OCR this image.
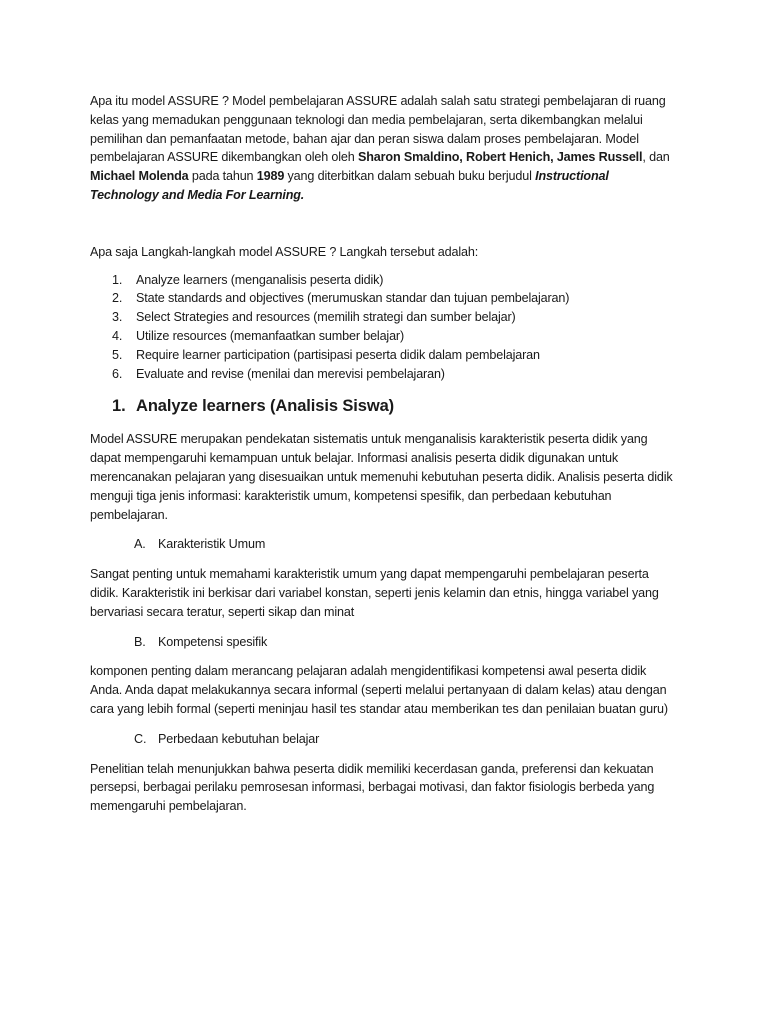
Apa itu model ASSURE ? Model pembelajaran ASSURE adalah salah satu strategi pembelajaran di ruang kelas yang memadukan penggunaan teknologi dan media pembelajaran, serta dikembangkan melalui pemilihan dan pemanfaatan metode, bahan ajar dan peran siswa dalam proses pembelajaran. Model pembelajaran ASSURE dikembangkan oleh oleh Sharon Smaldino, Robert Henich, James Russell, dan Michael Molenda pada tahun 1989 yang diterbitkan dalam sebuah buku berjudul Instructional Technology and Media For Learning.

Apa saja Langkah-langkah model ASSURE ? Langkah tersebut adalah:

1. Analyze learners (menganalisis peserta didik)
2. State standards and objectives (merumuskan standar dan tujuan pembelajaran)
3. Select Strategies and resources (memilih strategi dan sumber belajar)
4. Utilize resources (memanfaatkan sumber belajar)
5. Require learner participation (partisipasi peserta didik dalam pembelajaran
6. Evaluate and revise (menilai dan merevisi pembelajaran)
1. Analyze learners (Analisis Siswa)

Model ASSURE merupakan pendekatan sistematis untuk menganalisis karakteristik peserta didik yang dapat mempengaruhi kemampuan untuk belajar. Informasi analisis peserta didik digunakan untuk merencanakan pelajaran yang disesuaikan untuk memenuhi kebutuhan peserta didik. Analisis peserta didik menguji tiga jenis informasi: karakteristik umum, kompetensi spesifik, dan perbedaan kebutuhan pembelajaran.

A. Karakteristik Umum

Sangat penting untuk memahami karakteristik umum yang dapat mempengaruhi pembelajaran peserta didik. Karakteristik ini berkisar dari variabel konstan, seperti jenis kelamin dan etnis, hingga variabel yang bervariasi secara teratur, seperti sikap dan minat

B. Kompetensi spesifik

komponen penting dalam merancang pelajaran adalah mengidentifikasi kompetensi awal peserta didik Anda. Anda dapat melakukannya secara informal (seperti melalui pertanyaan di dalam kelas) atau dengan cara yang lebih formal (seperti meninjau hasil tes standar atau memberikan tes dan penilaian buatan guru)

C. Perbedaan kebutuhan belajar

Penelitian telah menunjukkan bahwa peserta didik memiliki kecerdasan ganda, preferensi dan kekuatan persepsi, berbagai perilaku pemrosesan informasi, berbagai motivasi, dan faktor fisiologis berbeda yang memengaruhi pembelajaran.
